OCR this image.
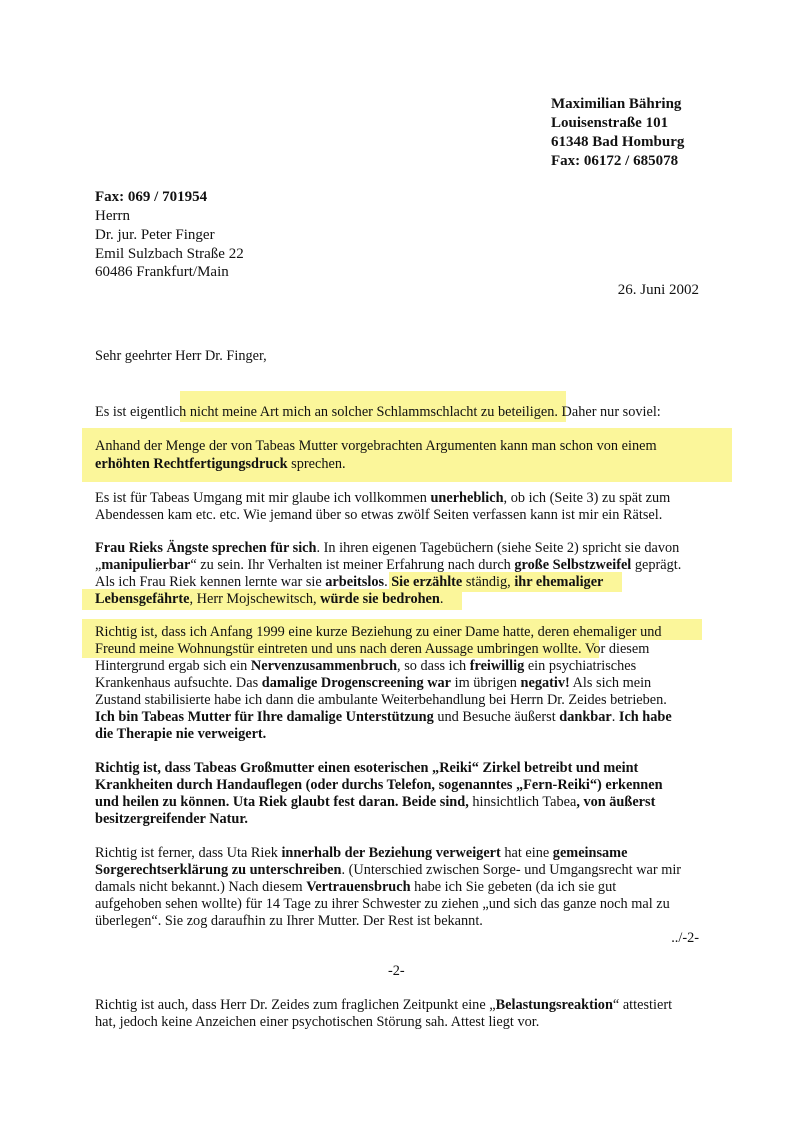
Maximilian Bähring
Louisenstraße 101
61348 Bad Homburg
Fax: 06172 / 685078
Fax: 069 / 701954
Herrn
Dr. jur. Peter Finger
Emil Sulzbach Straße 22
60486 Frankfurt/Main
26. Juni 2002
Sehr geehrter Herr Dr. Finger,
Es ist eigentlich nicht meine Art mich an solcher Schlammschlacht zu beteiligen. Daher nur soviel:
Anhand der Menge der von Tabeas Mutter vorgebrachten Argumenten kann man schon von einem
erhöhten Rechtfertigungsdruck sprechen.
Es ist für Tabeas Umgang mit mir glaube ich vollkommen unerheblich, ob ich (Seite 3) zu spät zum
Abendessen kam etc. etc. Wie jemand über so etwas zwölf Seiten verfassen kann ist mir ein Rätsel.
Frau Rieks Ängste sprechen für sich. In ihren eigenen Tagebüchern (siehe Seite 2) spricht sie davon
„manipulierbar“ zu sein. Ihr Verhalten ist meiner Erfahrung nach durch große Selbstzweifel geprägt.
Als ich Frau Riek kennen lernte war sie arbeitslos. Sie erzählte ständig, ihr ehemaliger
Lebensgefährte, Herr Mojschewitsch, würde sie bedrohen.
Richtig ist, dass ich Anfang 1999 eine kurze Beziehung zu einer Dame hatte, deren ehemaliger und
Freund meine Wohnungstür eintreten und uns nach deren Aussage umbringen wollte. Vor diesem
Hintergrund ergab sich ein Nervenzusammenbruch, so dass ich freiwillig ein psychiatrisches
Krankenhaus aufsuchte. Das damalige Drogenscreening war im übrigen negativ! Als sich mein
Zustand stabilisierte habe ich dann die ambulante Weiterbehandlung bei Herrn Dr. Zeides betrieben.
Ich bin Tabeas Mutter für Ihre damalige Unterstützung und Besuche äußerst dankbar. Ich habe
die Therapie nie verweigert.
Richtig ist, dass Tabeas Großmutter einen esoterischen „Reiki“ Zirkel betreibt und meint
Krankheiten durch Handauflegen (oder durchs Telefon, sogenanntes „Fern-Reiki“) erkennen
und heilen zu können. Uta Riek glaubt fest daran. Beide sind, hinsichtlich Tabea, von äußerst
besitzergreifender Natur.
Richtig ist ferner, dass Uta Riek innerhalb der Beziehung verweigert hat eine gemeinsame
Sorgerechtserklärung zu unterschreiben. (Unterschied zwischen Sorge- und Umgangsrecht war mir
damals nicht bekannt.) Nach diesem Vertrauensbruch habe ich Sie gebeten (da ich sie gut
aufgehoben sehen wollte) für 14 Tage zu ihrer Schwester zu ziehen „und sich das ganze noch mal zu
überlegen“. Sie zog daraufhin zu Ihrer Mutter. Der Rest ist bekannt.
../-2-
-2-
Richtig ist auch, dass Herr Dr. Zeides zum fraglichen Zeitpunkt eine „Belastungsreaktion“ attestiert
hat, jedoch keine Anzeichen einer psychotischen Störung sah. Attest liegt vor.
